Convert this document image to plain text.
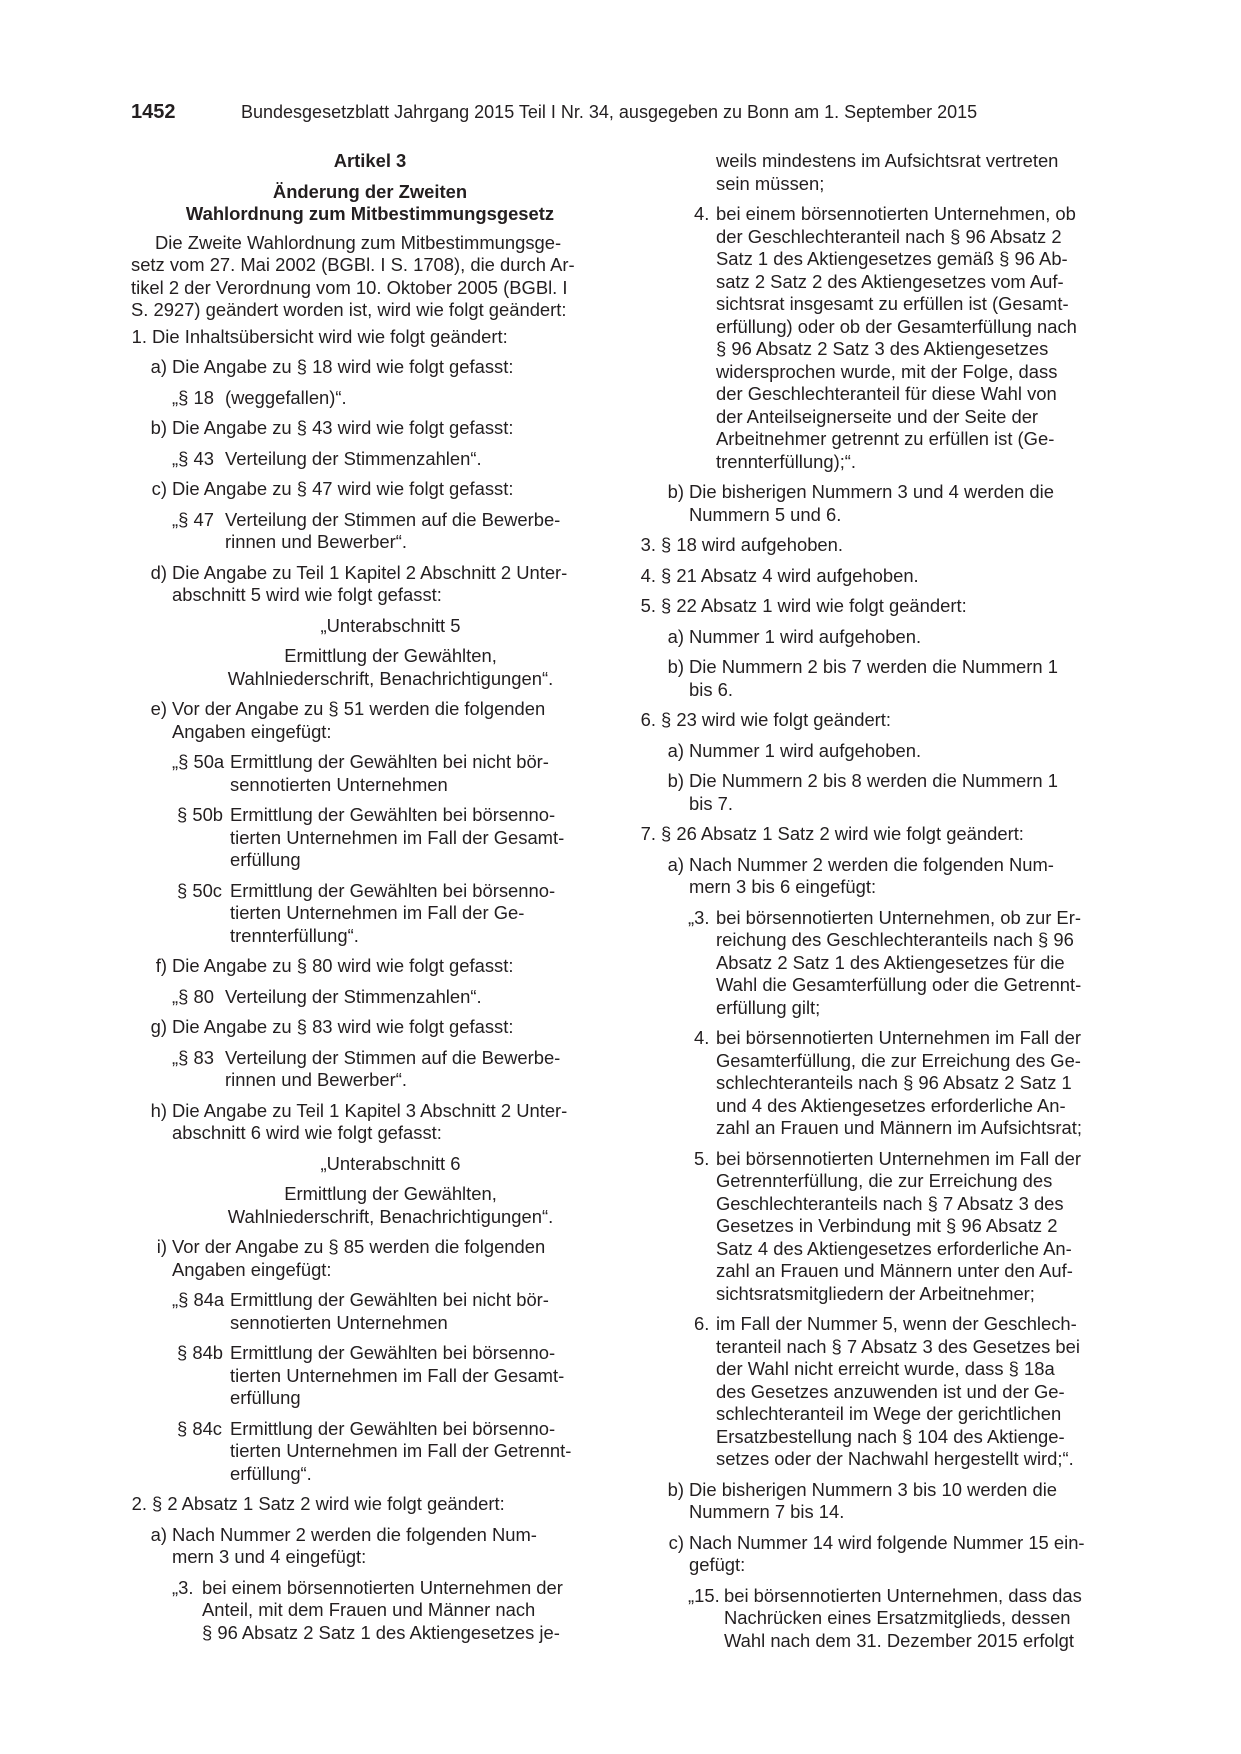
1452	Bundesgesetzblatt Jahrgang 2015 Teil I Nr. 34, ausgegeben zu Bonn am 1. September 2015

Artikel 3

Änderung der Zweiten

Wahlordnung zum Mitbestimmungsgesetz

Die Zweite Wahlordnung zum Mitbestimmungsge-
setz vom 27. Mai 2002 (BGBl. I S. 1708), die durch Ar-
tikel 2 der Verordnung vom 10. Oktober 2005 (BGBl. I
S. 2927) geändert worden ist, wird wie folgt geändert:
1. Die Inhaltsübersicht wird wie folgt geändert:
a) Die Angabe zu § 18 wird wie folgt gefasst:
„§ 18 (weggefallen)“.
b) Die Angabe zu § 43 wird wie folgt gefasst:
„§ 43 Verteilung der Stimmenzahlen“.
c) Die Angabe zu § 47 wird wie folgt gefasst:
„§ 47 Verteilung der Stimmen auf die Bewerbe-
rinnen und Bewerber“.
d) Die Angabe zu Teil 1 Kapitel 2 Abschnitt 2 Unter-
abschnitt 5 wird wie folgt gefasst:

„Unterabschnitt 5

Ermittlung der Gewählten,

Wahlniederschrift, Benachrichtigungen“.

e) Vor der Angabe zu § 51 werden die folgenden
Angaben eingefügt:
„§ 50a Ermittlung der Gewählten bei nicht bör-
sennotierten Unternehmen
§ 50b Ermittlung der Gewählten bei börsenno-
tierten Unternehmen im Fall der Gesamt-
erfüllung
§ 50c Ermittlung der Gewählten bei börsenno-
tierten Unternehmen im Fall der Ge-
trennterfüllung“.
f) Die Angabe zu § 80 wird wie folgt gefasst:
„§ 80 Verteilung der Stimmenzahlen“.
g) Die Angabe zu § 83 wird wie folgt gefasst:
„§ 83 Verteilung der Stimmen auf die Bewerbe-
rinnen und Bewerber“.
h) Die Angabe zu Teil 1 Kapitel 3 Abschnitt 2 Unter-
abschnitt 6 wird wie folgt gefasst:

„Unterabschnitt 6

Ermittlung der Gewählten,

Wahlniederschrift, Benachrichtigungen“.

i) Vor der Angabe zu § 85 werden die folgenden
Angaben eingefügt:
„§ 84a Ermittlung der Gewählten bei nicht bör-
sennotierten Unternehmen
§ 84b Ermittlung der Gewählten bei börsenno-
tierten Unternehmen im Fall der Gesamt-
erfüllung
§ 84c Ermittlung der Gewählten bei börsenno-
tierten Unternehmen im Fall der Getrennt-
erfüllung“.
2. § 2 Absatz 1 Satz 2 wird wie folgt geändert:
a) Nach Nummer 2 werden die folgenden Num-
mern 3 und 4 eingefügt:
„3. bei einem börsennotierten Unternehmen der
Anteil, mit dem Frauen und Männer nach
§ 96 Absatz 2 Satz 1 des Aktiengesetzes je-
weils mindestens im Aufsichtsrat vertreten
sein müssen;
4. bei einem börsennotierten Unternehmen, ob
der Geschlechteranteil nach § 96 Absatz 2
Satz 1 des Aktiengesetzes gemäß § 96 Ab-
satz 2 Satz 2 des Aktiengesetzes vom Auf-
sichtsrat insgesamt zu erfüllen ist (Gesamt-
erfüllung) oder ob der Gesamterfüllung nach
§ 96 Absatz 2 Satz 3 des Aktiengesetzes
widersprochen wurde, mit der Folge, dass
der Geschlechteranteil für diese Wahl von
der Anteilseignerseite und der Seite der
Arbeitnehmer getrennt zu erfüllen ist (Ge-
trennterfüllung);“.
b) Die bisherigen Nummern 3 und 4 werden die
Nummern 5 und 6.
3. § 18 wird aufgehoben.
4. § 21 Absatz 4 wird aufgehoben.
5. § 22 Absatz 1 wird wie folgt geändert:
a) Nummer 1 wird aufgehoben.
b) Die Nummern 2 bis 7 werden die Nummern 1
bis 6.
6. § 23 wird wie folgt geändert:
a) Nummer 1 wird aufgehoben.
b) Die Nummern 2 bis 8 werden die Nummern 1
bis 7.
7. § 26 Absatz 1 Satz 2 wird wie folgt geändert:
a) Nach Nummer 2 werden die folgenden Num-
mern 3 bis 6 eingefügt:
„3. bei börsennotierten Unternehmen, ob zur Er-
reichung des Geschlechteranteils nach § 96
Absatz 2 Satz 1 des Aktiengesetzes für die
Wahl die Gesamterfüllung oder die Getrennt-
erfüllung gilt;
4. bei börsennotierten Unternehmen im Fall der
Gesamterfüllung, die zur Erreichung des Ge-
schlechteranteils nach § 96 Absatz 2 Satz 1
und 4 des Aktiengesetzes erforderliche An-
zahl an Frauen und Männern im Aufsichtsrat;
5. bei börsennotierten Unternehmen im Fall der
Getrennterfüllung, die zur Erreichung des
Geschlechteranteils nach § 7 Absatz 3 des
Gesetzes in Verbindung mit § 96 Absatz 2
Satz 4 des Aktiengesetzes erforderliche An-
zahl an Frauen und Männern unter den Auf-
sichtsratsmitgliedern der Arbeitnehmer;
6. im Fall der Nummer 5, wenn der Geschlech-
teranteil nach § 7 Absatz 3 des Gesetzes bei
der Wahl nicht erreicht wurde, dass § 18a
des Gesetzes anzuwenden ist und der Ge-
schlechteranteil im Wege der gerichtlichen
Ersatzbestellung nach § 104 des Aktienge-
setzes oder der Nachwahl hergestellt wird;“.
b) Die bisherigen Nummern 3 bis 10 werden die
Nummern 7 bis 14.
c) Nach Nummer 14 wird folgende Nummer 15 ein-
gefügt:
„15. bei börsennotierten Unternehmen, dass das
Nachrücken eines Ersatzmitglieds, dessen
Wahl nach dem 31. Dezember 2015 erfolgt
